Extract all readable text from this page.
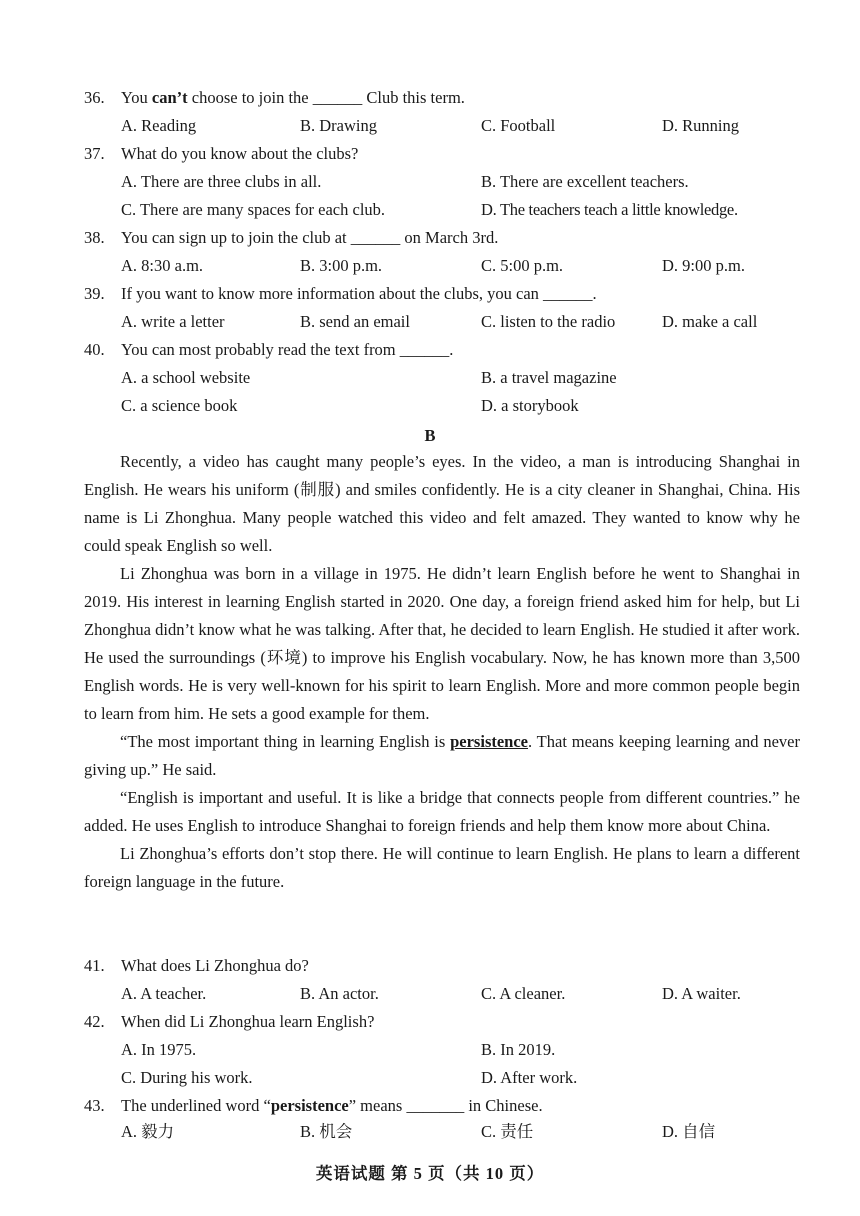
36. You can’t choose to join the ______ Club this term.
A. Reading	B. Drawing	C. Football	D. Running
37. What do you know about the clubs?
A. There are three clubs in all.	B. There are excellent teachers.
C. There are many spaces for each club.	D. The teachers teach a little knowledge.
38. You can sign up to join the club at ______ on March 3rd.
A. 8:30 a.m.	B. 3:00 p.m.	C. 5:00 p.m.	D. 9:00 p.m.
39. If you want to know more information about the clubs, you can ______.
A. write a letter	B. send an email	C. listen to the radio	D. make a call
40. You can most probably read the text from ______.
A. a school website	B. a travel magazine
C. a science book	D. a storybook
B

Recently, a video has caught many people’s eyes. In the video, a man is introducing Shanghai in English. He wears his uniform (制服) and smiles confidently. He is a city cleaner in Shanghai, China. His name is Li Zhonghua. Many people watched this video and felt amazed. They wanted to know why he could speak English so well.

Li Zhonghua was born in a village in 1975. He didn’t learn English before he went to Shanghai in 2019. His interest in learning English started in 2020. One day, a foreign friend asked him for help, but Li Zhonghua didn’t know what he was talking. After that, he decided to learn English. He studied it after work. He used the surroundings (环境) to improve his English vocabulary. Now, he has known more than 3,500 English words. He is very well-known for his spirit to learn English. More and more common people begin to learn from him. He sets a good example for them.

“The most important thing in learning English is persistence. That means keeping learning and never giving up.” He said.

“English is important and useful. It is like a bridge that connects people from different countries.” he added. He uses English to introduce Shanghai to foreign friends and help them know more about China.

Li Zhonghua’s efforts don’t stop there. He will continue to learn English. He plans to learn a different foreign language in the future.

41. What does Li Zhonghua do?
A. A teacher.	B. An actor.	C. A cleaner.	D. A waiter.
42. When did Li Zhonghua learn English?
A. In 1975.	B. In 2019.
C. During his work.	D. After work.
43. The underlined word “persistence” means _______ in Chinese.
A. 毅力	B. 机会	C. 责任	D. 自信
英语试题 第 5 页（共 10 页）
